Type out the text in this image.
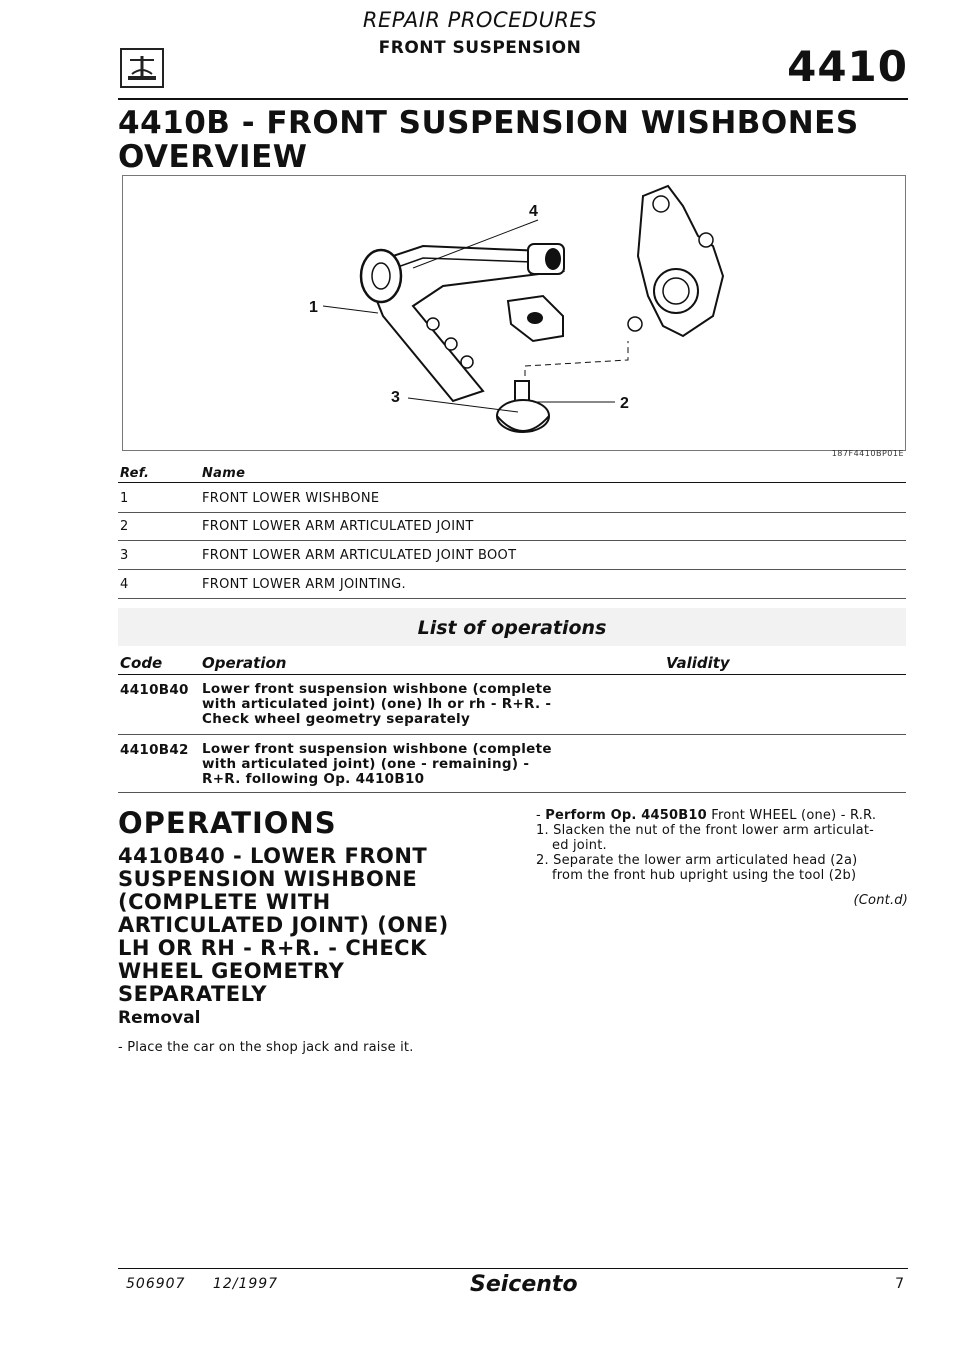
REPAIR PROCEDURES
FRONT SUSPENSION	4410
4410B - FRONT SUSPENSION WISHBONES
OVERVIEW
1
4
3	2
187F4410BP01E
Ref.	Name
1	FRONT LOWER WISHBONE
2	FRONT LOWER ARM ARTICULATED JOINT
3	FRONT LOWER ARM ARTICULATED JOINT BOOT
4	FRONT LOWER ARM JOINTING.
List of operations
Code	Operation	Validity
4410B40 Lower front suspension wishbone (complete
with articulated joint) (one) lh or rh - R+R. -
Check wheel geometry separately
4410B42 Lower front suspension wishbone (complete
with articulated joint) (one - remaining) -
R+R. following Op. 4410B10
OPERATIONS
4410B40 - LOWER FRONT
SUSPENSION WISHBONE
(COMPLETE WITH
ARTICULATED JOINT) (ONE)
LH OR RH - R+R. - CHECK
WHEEL GEOMETRY
SEPARATELY
Removal
- Place the car on the shop jack and raise it.
- Perform Op. 4450B10 Front WHEEL (one) - R.R.
1. Slacken the nut of the front lower arm articulat-
ed joint.
2. Separate the lower arm articulated head (2a)
from the front hub upright using the tool (2b)
(Cont.d)
506907 12/1997	Seicento	7
